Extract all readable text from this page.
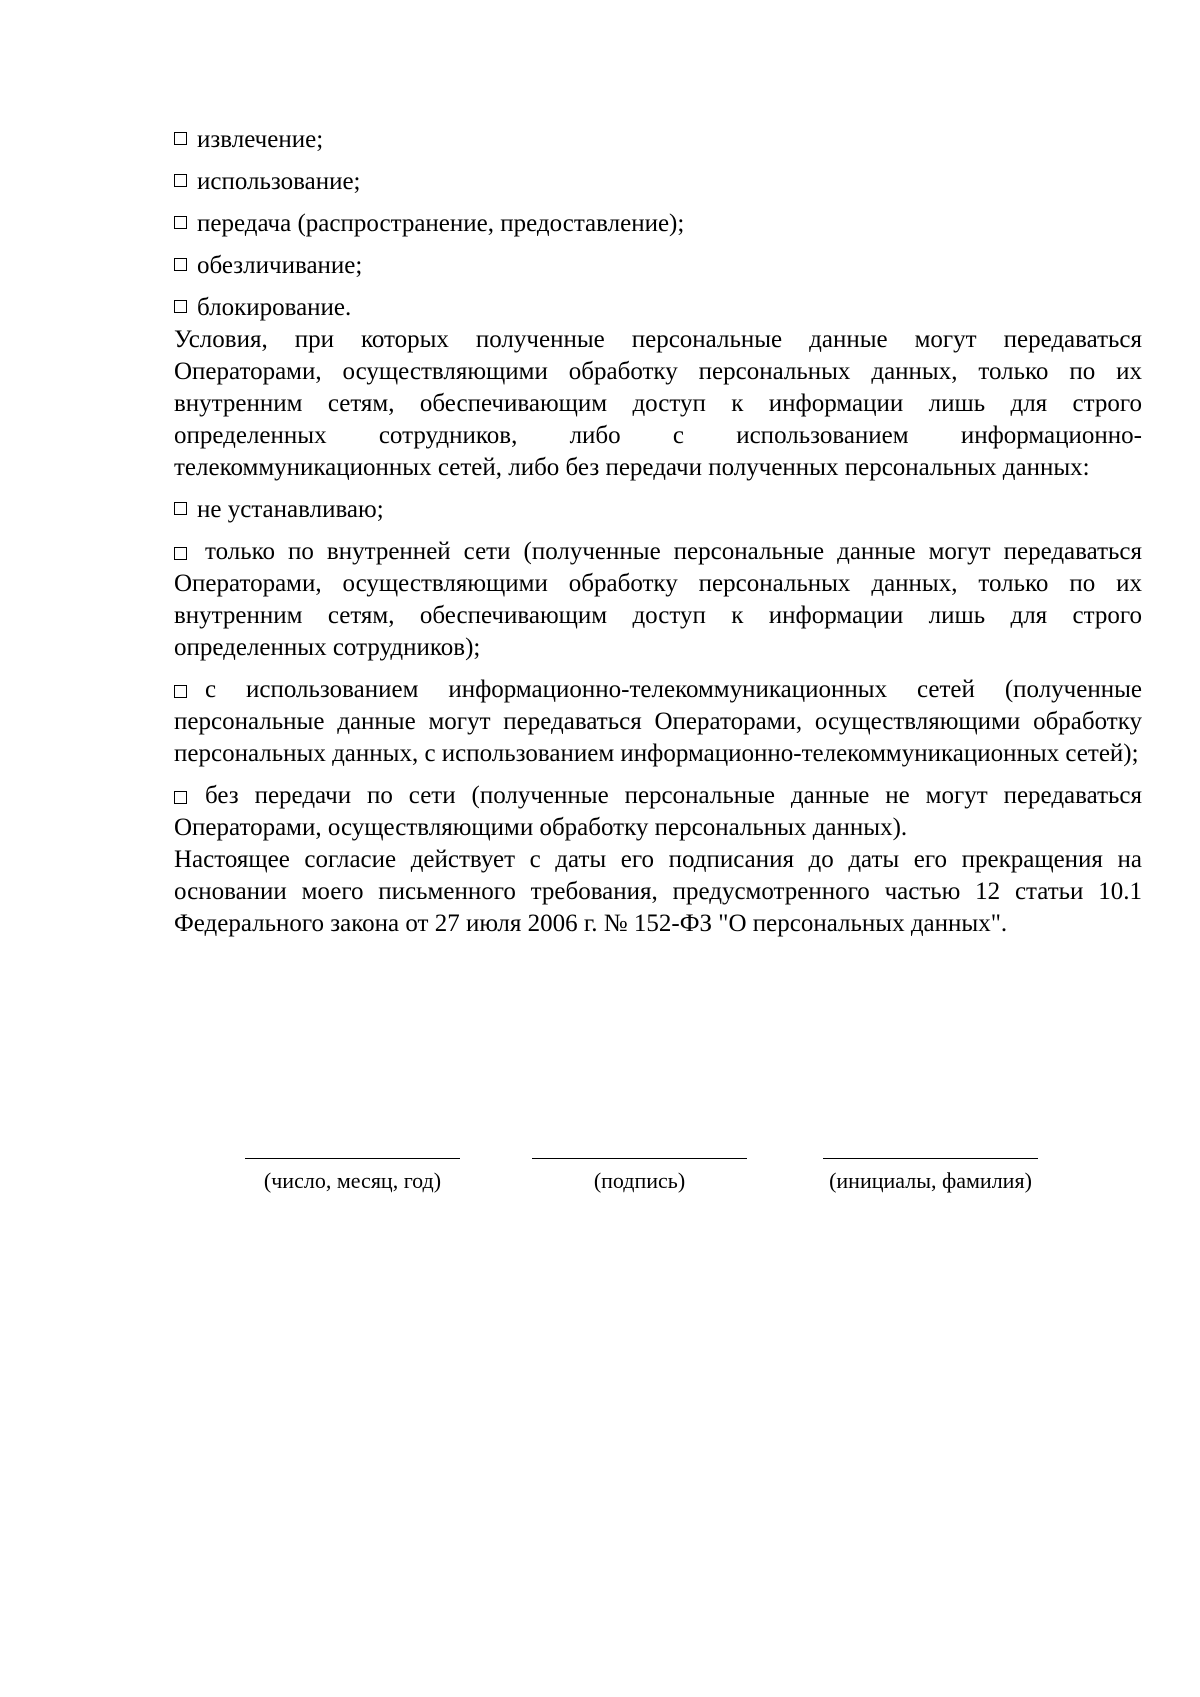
извлечение;
использование;
передача (распространение, предоставление);
обезличивание;
блокирование.

Условия, при которых полученные персональные данные могут передаваться Операторами, осуществляющими обработку персональных данных, только по их внутренним сетям, обеспечивающим доступ к информации лишь для строго определенных сотрудников, либо с использованием информационно-телекоммуникационных сетей, либо без передачи полученных персональных данных:

не устанавливаю;

только по внутренней сети (полученные персональные данные могут передаваться Операторами, осуществляющими обработку персональных данных, только по их внутренним сетям, обеспечивающим доступ к информации лишь для строго определенных сотрудников);

с использованием информационно-телекоммуникационных сетей (полученные персональные данные могут передаваться Операторами, осуществляющими обработку персональных данных, с использованием информационно-телекоммуникационных сетей);

без передачи по сети (полученные персональные данные не могут передаваться Операторами, осуществляющими обработку персональных данных).

Настоящее согласие действует с даты его подписания до даты его прекращения на основании моего письменного требования, предусмотренного частью 12 статьи 10.1 Федерального закона от 27 июля 2006 г. № 152-ФЗ "О персональных данных".

(число, месяц, год)	(подпись)	(инициалы, фамилия)
